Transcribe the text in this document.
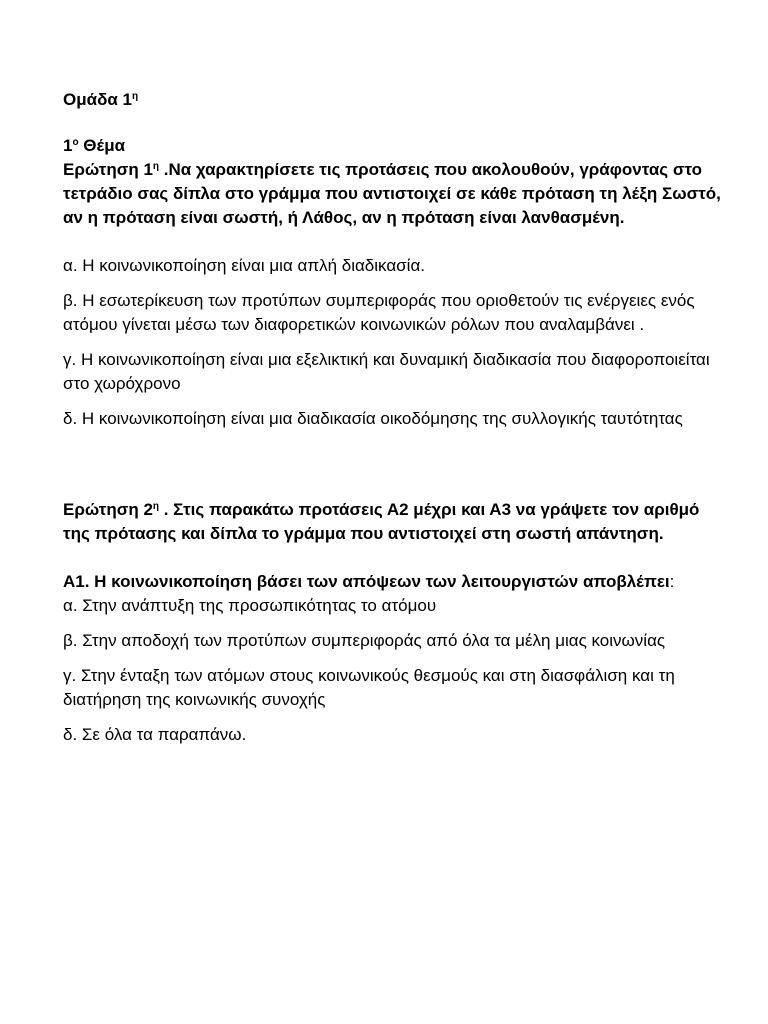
Ομάδα $1^\eta$

$1^o$ Θέμα

Ερώτηση $1^\eta$ .Να χαρακτηρίσετε τις προτάσεις που ακολουθούν, γράφοντας στο τετράδιο σας δίπλα στο γράμμα που αντιστοιχεί σε κάθε πρόταση τη λέξη Σωστό, αν η πρόταση είναι σωστή, ή Λάθος, αν η πρόταση είναι λανθασμένη.

α. Η κοινωνικοποίηση είναι μια απλή διαδικασία.

β. Η εσωτερίκευση των προτύπων συμπεριφοράς που οριοθετούν τις ενέργειες ενός ατόμου γίνεται μέσω των διαφορετικών κοινωνικών ρόλων που αναλαμβάνει .

γ. Η κοινωνικοποίηση είναι μια εξελικτική και δυναμική διαδικασία που διαφοροποιείται στο χωρόχρονο

δ. Η κοινωνικοποίηση είναι μια διαδικασία οικοδόμησης της συλλογικής ταυτότητας

Ερώτηση $2^\eta$ . Στις παρακάτω προτάσεις Α2 μέχρι και Α3 να γράψετε τον αριθμό της πρότασης και δίπλα το γράμμα που αντιστοιχεί στη σωστή απάντηση.

Α1. Η κοινωνικοποίηση βάσει των απόψεων των λειτουργιστών αποβλέπει:

α. Στην ανάπτυξη της προσωπικότητας το ατόμου

β. Στην αποδοχή των προτύπων συμπεριφοράς από όλα τα μέλη μιας κοινωνίας

γ. Στην ένταξη των ατόμων στους κοινωνικούς θεσμούς και στη διασφάλιση και τη διατήρηση της κοινωνικής συνοχής

δ. Σε όλα τα παραπάνω.
